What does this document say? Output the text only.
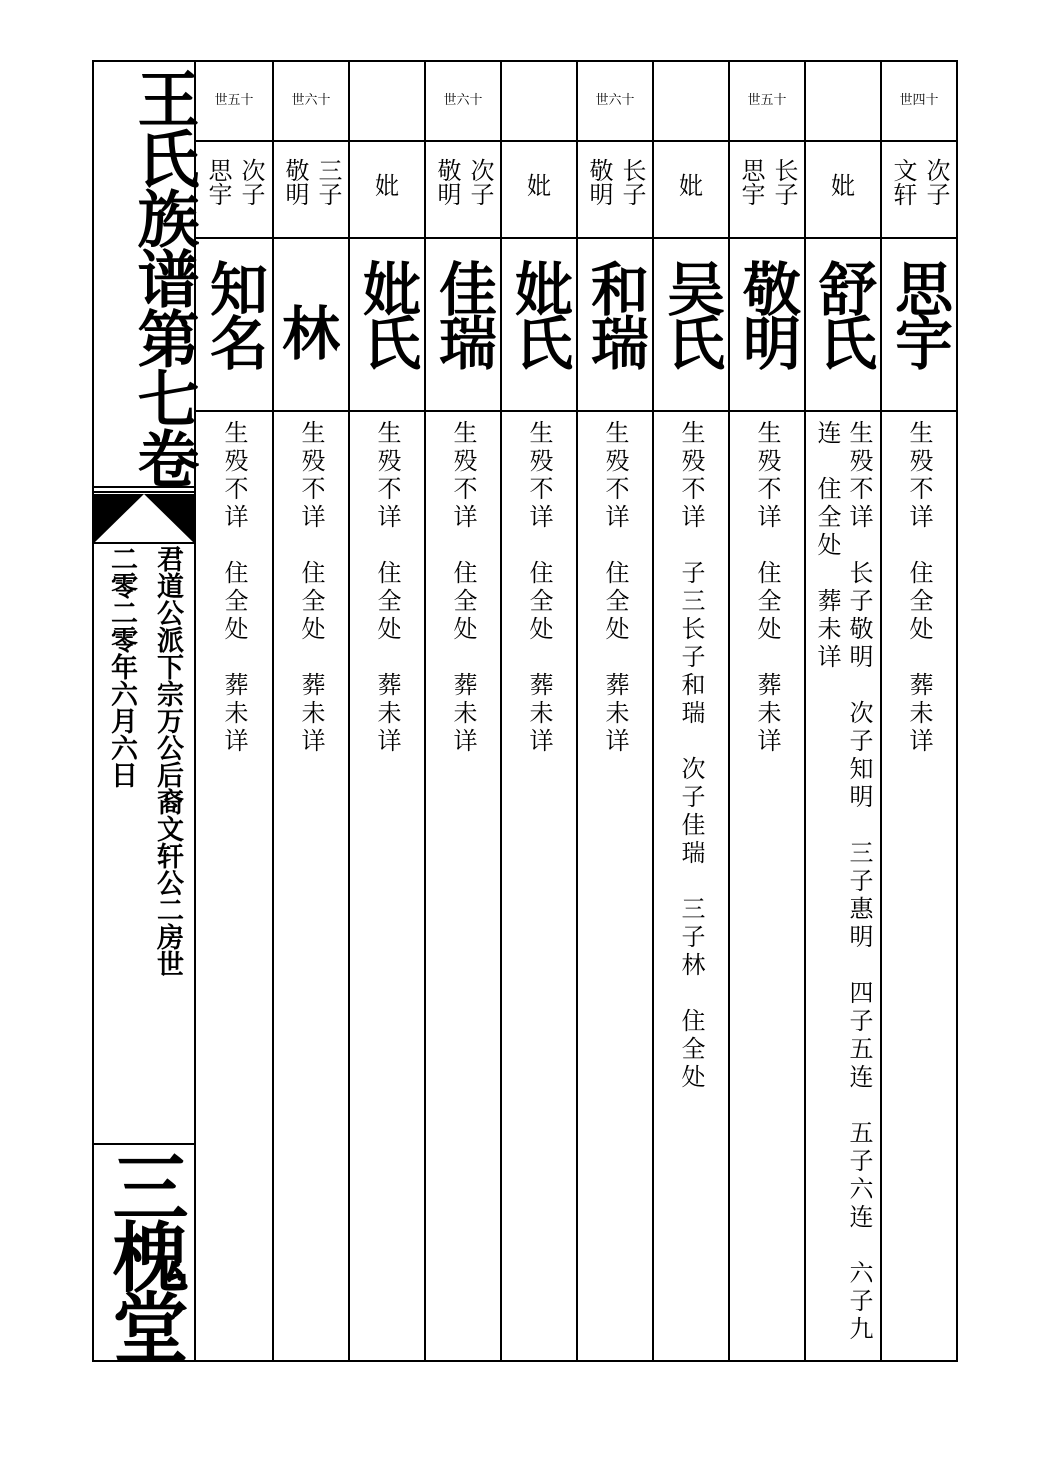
王氏族谱第七卷
君道公派下宗万公后裔文轩公二房世
二零二零年六月六日
三槐堂
世五十
次子 思宇
知名
生殁不详　住全处　葬未详
世六十
三子 敬明
林
生殁不详　住全处　葬未详
妣
妣氏
生殁不详　住全处　葬未详
世六十
次子 敬明
佳瑞
生殁不详　住全处　葬未详
妣
妣氏
生殁不详　住全处　葬未详
世六十
长子 敬明
和瑞
生殁不详　住全处　葬未详
妣
吴氏
生殁不详　子三长子和瑞　次子佳瑞　三子林　住全处
世五十
长子 思宇
敬明
生殁不详　住全处　葬未详
妣
舒氏
生殁不详　长子敬明　次子知明　三子惠明　四子五连　五子六连　六子九连　住全处　葬未详
世四十
次子 文轩
思宇
生殁不详　住全处　葬未详
